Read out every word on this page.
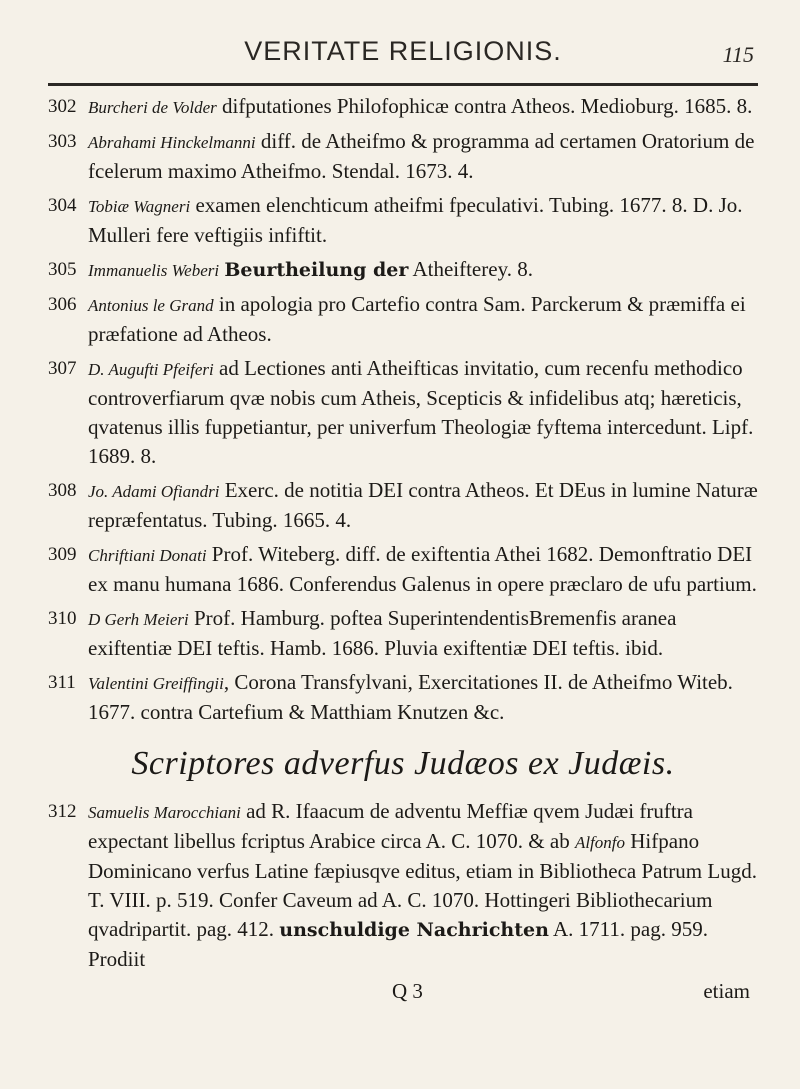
VERITATE RELIGIONIS.	115
302 Burcheri de Volder difputationes Philofophicæ contra Atheos. Medioburg. 1685. 8.
303 Abrahami Hinckelmanni diff. de Atheifmo & programma ad certamen Oratorium de fcelerum maximo Atheifmo. Stendal. 1673. 4.
304 Tobiæ Wagneri examen elenchticum atheifmi fpeculativi. Tubing. 1677. 8. D. Jo. Mulleri fere veftigiis infiftit.
305 Immanuelis Weberi Beurtheilung der Atheifterey. 8.
306 Antonius le Grand in apologia pro Cartefio contra Sam. Parckerum & præmiffa ei præfatione ad Atheos.
307 D. Augufti Pfeiferi ad Lectiones anti Atheifticas invitatio, cum recenfu methodico controverfiarum qvæ nobis cum Atheis, Scepticis & infidelibus atq; hæreticis, qvatenus illis fuppetiantur, per univerfum Theologiæ fyftema intercedunt. Lipf. 1689. 8.
308 Jo. Adami Ofiandri Exerc. de notitia DEI contra Atheos. Et DEus in lumine Naturæ repræfentatus. Tubing. 1665. 4.
309 Chriftiani Donati Prof. Witeberg. diff. de exiftentia Athei 1682. Demonftratio DEI ex manu humana 1686. Conferendus Galenus in opere præclaro de ufu partium.
310 D Gerh Meieri Prof. Hamburg. poftea SuperintendentisBremenfis aranea exiftentiæ DEI teftis. Hamb. 1686. Pluvia exiftentiæ DEI teftis. ibid.
311 Valentini Greiffingii, Corona Transfylvani, Exercitationes II. de Atheifmo Witeb. 1677. contra Cartefium & Matthiam Knutzen &c.
Scriptores adverfus Judæos ex Judæis.
312 Samuelis Marocchiani ad R. Ifaacum de adventu Meffiæ qvem Judæi fruftra expectant libellus fcriptus Arabice circa A. C. 1070. & ab Alfonfo Hifpano Dominicano verfus Latine fæpiusqve editus, etiam in Bibliotheca Patrum Lugd. T. VIII. p. 519. Confer Caveum ad A. C. 1070. Hottingeri Bibliothecarium qvadripartit. pag. 412. unschuldige Nachrichten A. 1711. pag. 959. Prodiit
Q 3	etiam
